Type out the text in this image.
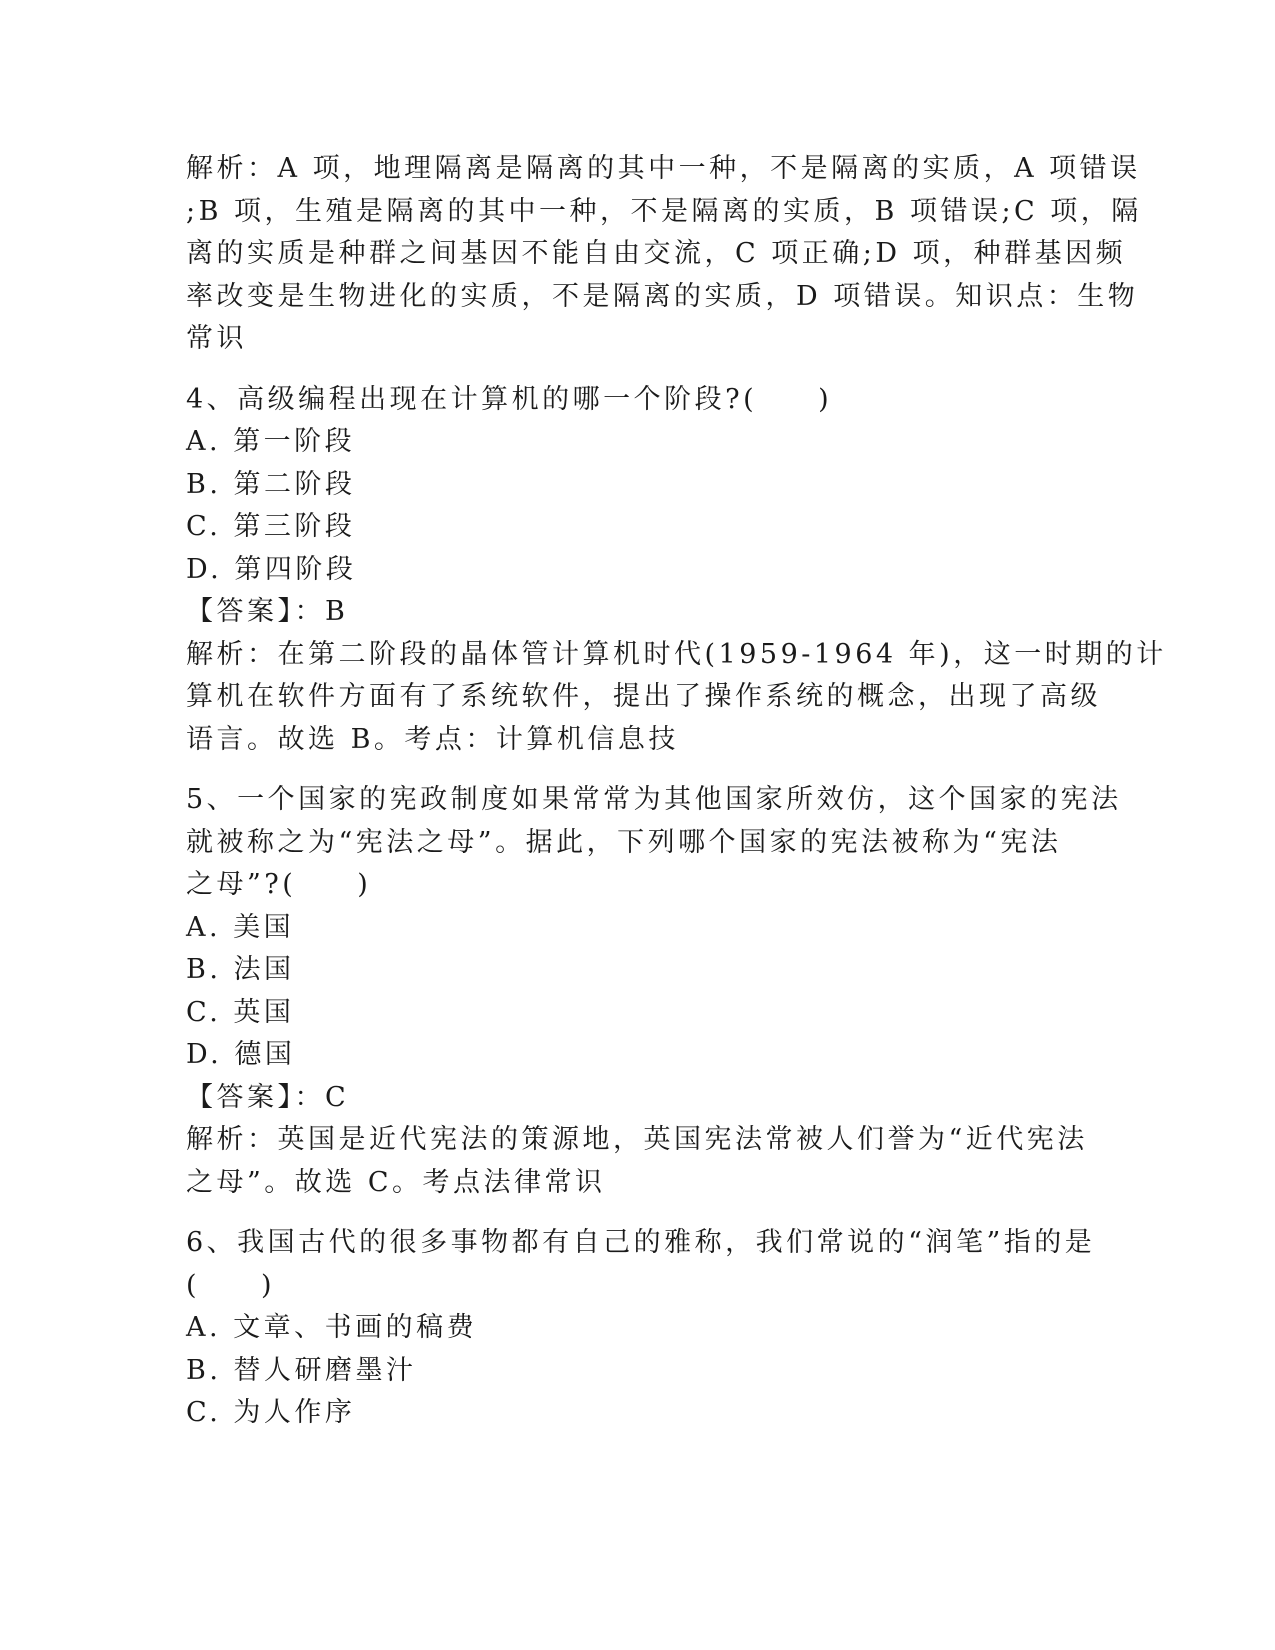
解析：A 项，地理隔离是隔离的其中一种，不是隔离的实质，A 项错误
;B 项，生殖是隔离的其中一种，不是隔离的实质，B 项错误;C 项，隔
离的实质是种群之间基因不能自由交流，C 项正确;D 项，种群基因频
率改变是生物进化的实质，不是隔离的实质，D 项错误。知识点：生物
常识
4、高级编程出现在计算机的哪一个阶段?(　　)
A. 第一阶段
B. 第二阶段
C. 第三阶段
D. 第四阶段
【答案】：B
解析：在第二阶段的晶体管计算机时代(1959-1964 年)，这一时期的计
算机在软件方面有了系统软件，提出了操作系统的概念，出现了高级
语言。故选 B。考点：计算机信息技
5、一个国家的宪政制度如果常常为其他国家所效仿，这个国家的宪法
就被称之为“宪法之母”。据此，下列哪个国家的宪法被称为“宪法
之母”?(　　)
A. 美国
B. 法国
C. 英国
D. 德国
【答案】：C
解析：英国是近代宪法的策源地，英国宪法常被人们誉为“近代宪法
之母”。故选 C。考点法律常识
6、我国古代的很多事物都有自己的雅称，我们常说的“润笔”指的是
(　　)
A. 文章、书画的稿费
B. 替人研磨墨汁
C. 为人作序
